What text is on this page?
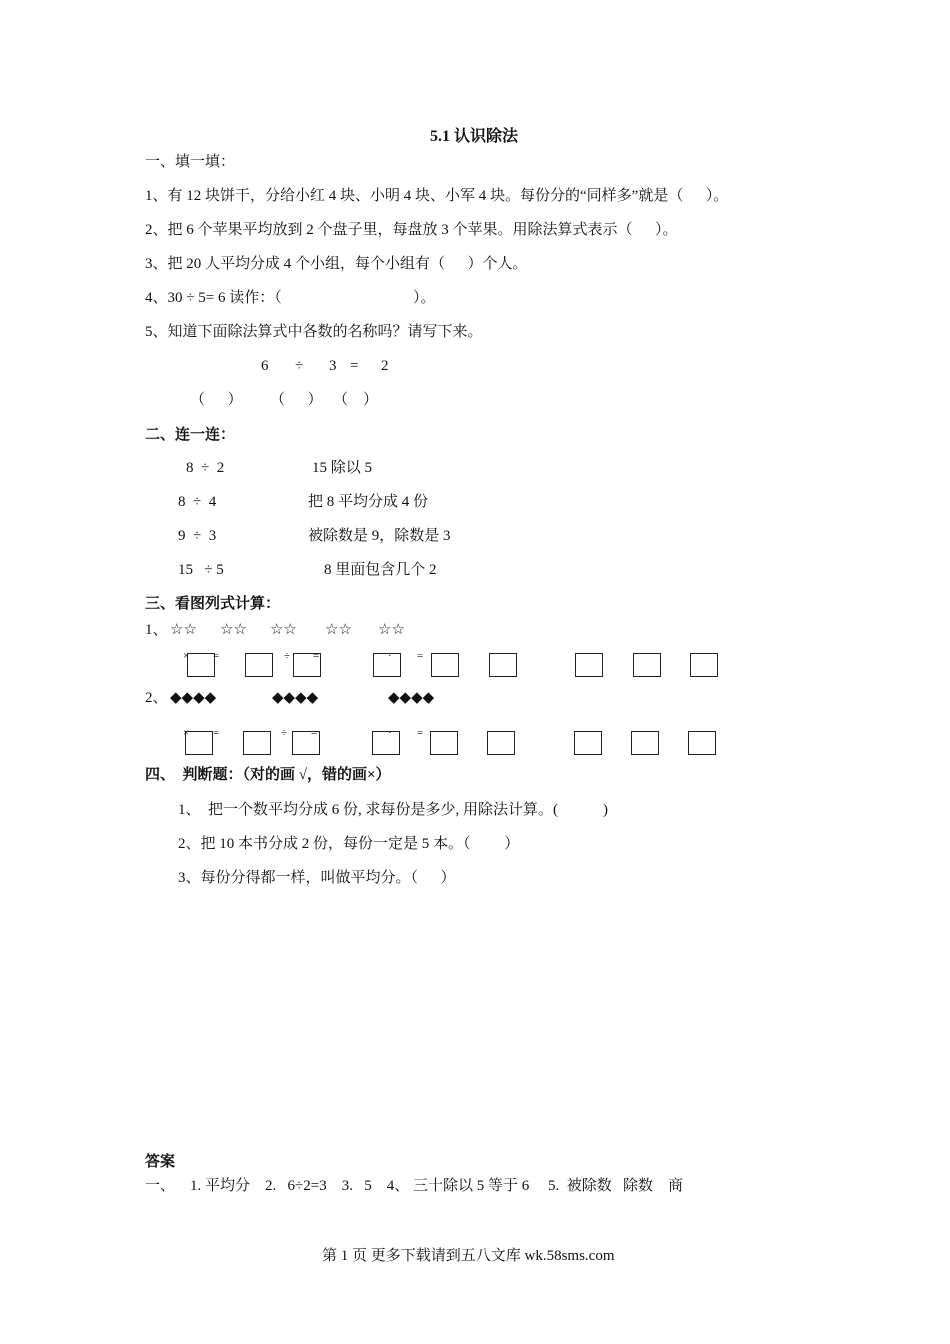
5.1 认识除法
一、填一填：
1、有 12 块饼干，分给小红 4 块、小明 4 块、小军 4 块。每份分的“同样多”就是（      ）。
2、把 6 个苹果平均放到 2 个盘子里，每盘放 3 个苹果。用除法算式表示（      ）。
3、把 20 人平均分成 4 个小组，每个小组有（      ）个人。
4、30 ÷ 5= 6 读作：（                                   ）。
5、知道下面除法算式中各数的名称吗？请写下来。
6 ÷ 3 = 2
（      ） （      ） （    ）
二、连一连：
8  ÷  2
8  ÷  4
9  ÷  3
15   ÷ 5
15 除以 5
把 8 平均分成 4 份
被除数是 9，除数是 3
8 里面包含几个 2
三、看图列式计算：
1、 ☆☆ ☆☆ ☆☆ ☆☆ ☆☆
× =	÷ =	· =
2、 ◆◆◆◆	◆◆◆◆	◆◆◆◆
× =	÷ =	· =
四、  判断题：（对的画 √，错的画×）
1、  把一个数平均分成 6 份, 求每份是多少, 用除法计算。(            )
2、把 10 本书分成 2 份，每份一定是 5 本。（         ）
3、每份分得都一样，叫做平均分。（      ）
答案
一、    1. 平均分    2.   6÷2=3    3.   5    4、 三十除以 5 等于 6     5.  被除数   除数    商
第 1 页 更多下载请到五八文库 wk.58sms.com
